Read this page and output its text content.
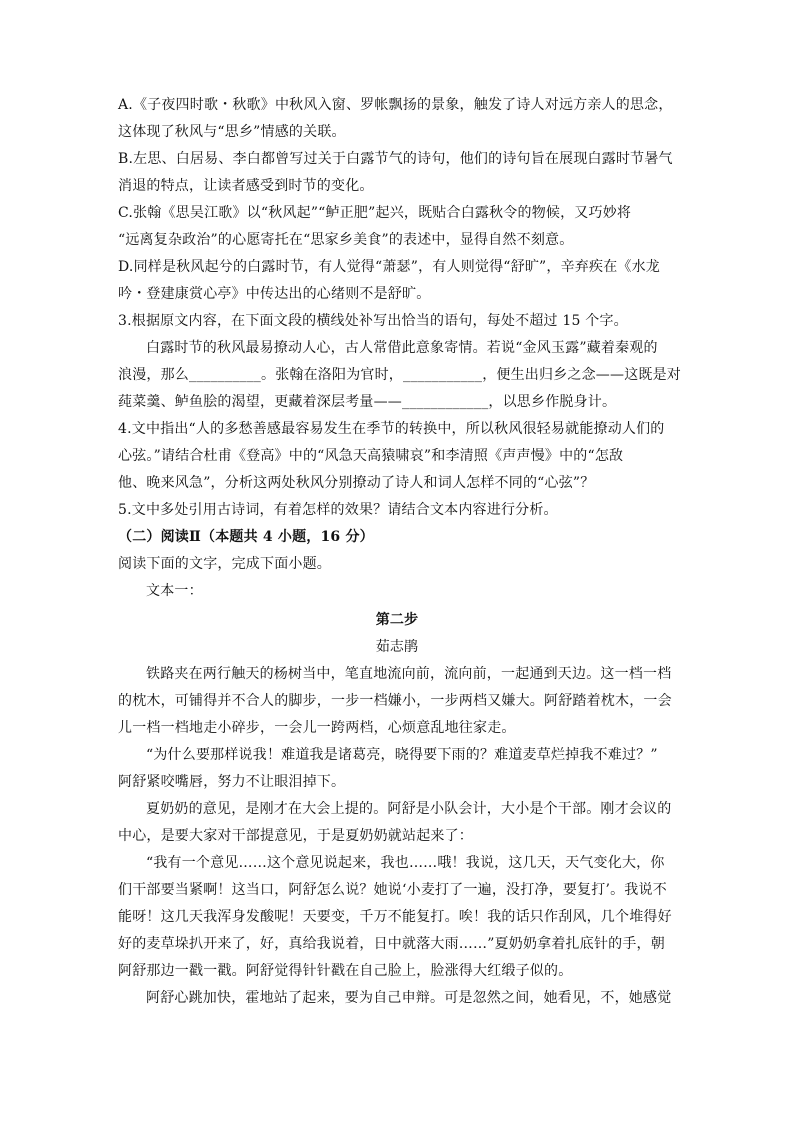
A.《子夜四时歌・秋歌》中秋风入窗、罗帐飘扬的景象，触发了诗人对远方亲人的思念，
这体现了秋风与“思乡”情感的关联。
B.左思、白居易、李白都曾写过关于白露节气的诗句，他们的诗句旨在展现白露时节暑气
消退的特点，让读者感受到时节的变化。
C.张翰《思吴江歌》以“秋风起”“鲈正肥”起兴，既贴合白露秋令的物候，又巧妙将
“远离复杂政治”的心愿寄托在“思家乡美食”的表述中，显得自然不刻意。
D.同样是秋风起兮的白露时节，有人觉得“萧瑟”，有人则觉得“舒旷”，辛弃疾在《水龙
吟・登建康赏心亭》中传达出的心绪则不是舒旷。
3.根据原文内容，在下面文段的横线处补写出恰当的语句，每处不超过 15 个字。
白露时节的秋风最易撩动人心，古人常借此意象寄情。若说“金风玉露”藏着秦观的
浪漫，那么__________。张翰在洛阳为官时，___________，便生出归乡之念——这既是对
莼菜羹、鲈鱼脍的渴望，更藏着深层考量——____________，以思乡作脱身计。
4.文中指出“人的多愁善感最容易发生在季节的转换中，所以秋风很轻易就能撩动人们的
心弦。”请结合杜甫《登高》中的“风急天高猿啸哀”和李清照《声声慢》中的“怎敌
他、晚来风急”，分析这两处秋风分别撩动了诗人和词人怎样不同的“心弦”？
5.文中多处引用古诗词，有着怎样的效果？请结合文本内容进行分析。
（二）阅读Ⅱ（本题共 4 小题，16 分）
阅读下面的文字，完成下面小题。
文本一：
第二步
茹志鹃
铁路夹在两行触天的杨树当中，笔直地流向前，流向前，一起通到天边。这一档一档
的枕木，可铺得并不合人的脚步，一步一档嫌小，一步两档又嫌大。阿舒踏着枕木，一会
儿一档一档地走小碎步，一会儿一跨两档，心烦意乱地往家走。
“为什么要那样说我！难道我是诸葛亮，晓得要下雨的？难道麦草烂掉我不难过？”
阿舒紧咬嘴唇，努力不让眼泪掉下。
夏奶奶的意见，是刚才在大会上提的。阿舒是小队会计，大小是个干部。刚才会议的
中心，是要大家对干部提意见，于是夏奶奶就站起来了：
“我有一个意见……这个意见说起来，我也……哦！我说，这几天，天气变化大，你
们干部要当紧啊！这当口，阿舒怎么说？她说‘小麦打了一遍，没打净，要复打’。我说不
能呀！这几天我浑身发酸呢！天要变，千万不能复打。唉！我的话只作刮风，几个堆得好
好的麦草垛扒开来了，好，真给我说着，日中就落大雨……”夏奶奶拿着扎底针的手，朝
阿舒那边一戳一戳。阿舒觉得针针戳在自己脸上，脸涨得大红缎子似的。
阿舒心跳加快，霍地站了起来，要为自己申辩。可是忽然之间，她看见，不，她感觉
